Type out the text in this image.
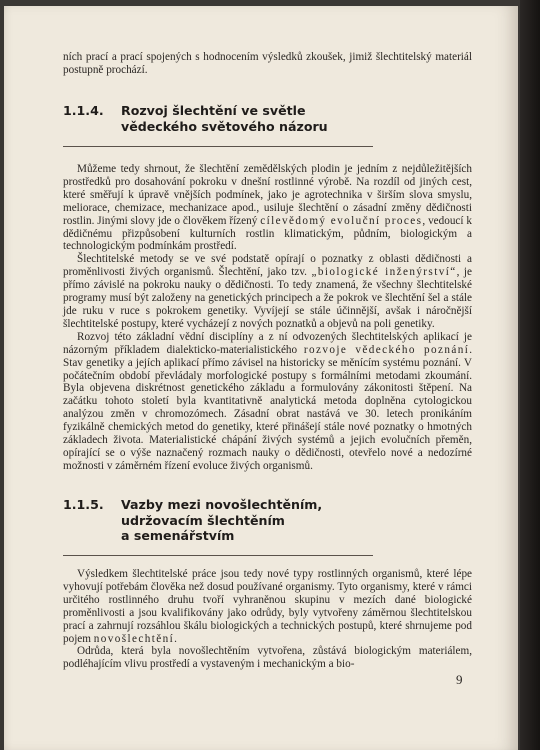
ních prací a prací spojených s hodnocením výsledků zkoušek, jimiž šlechtitelský materiál postupně prochází.

1.1.4.	Rozvoj šlechtění ve světle
vědeckého světového názoru

Můžeme tedy shrnout, že šlechtění zemědělských plodin je jedním z nejdůležitějších prostředků pro dosahování pokroku v dnešní rostlinné výrobě. Na rozdíl od jiných cest, které směřují k úpravě vnějších podmínek, jako je agrotechnika v širším slova smyslu, meliorace, chemizace, mechanizace apod., usiluje šlechtění o zásadní změny dědičnosti rostlin. Jinými slovy jde o člověkem řízený cílevědomý evoluční proces, vedoucí k dědičnému přizpůsobení kulturních rostlin klimatickým, půdním, biologickým a technologickým podmínkám prostředí.

Šlechtitelské metody se ve své podstatě opírají o poznatky z oblasti dědičnosti a proměnlivosti živých organismů. Šlechtění, jako tzv. „biologické inženýrství“, je přímo závislé na pokroku nauky o dědičnosti. To tedy znamená, že všechny šlechtitelské programy musí být založeny na genetických principech a že pokrok ve šlechtění šel a stále jde ruku v ruce s pokrokem genetiky. Vyvíjejí se stále účinnější, avšak i náročnější šlechtitelské postupy, které vycházejí z nových poznatků a objevů na poli genetiky.

Rozvoj této základní vědní disciplíny a z ní odvozených šlechtitelských aplikací je názorným příkladem dialekticko-materialistického rozvoje vědeckého poznání. Stav genetiky a jejích aplikací přímo závisel na historicky se měnícím systému poznání. V počátečním období převládaly morfologické postupy s formálními metodami zkoumání. Byla objevena diskrétnost genetického základu a formulovány zákonitosti štěpení. Na začátku tohoto století byla kvantitativně analytická metoda doplněna cytologickou analýzou změn v chromozómech. Zásadní obrat nastává ve 30. letech pronikáním fyzikálně chemických metod do genetiky, které přinášejí stále nové poznatky o hmotných základech života. Materialistické chápání živých systémů a jejich evolučních přeměn, opírající se o výše naznačený rozmach nauky o dědičnosti, otevřelo nové a nedozírné možnosti v záměrném řízení evoluce živých organismů.

1.1.5.	Vazby mezi novošlechtěním,
udržovacím šlechtěním
a semenářstvím

Výsledkem šlechtitelské práce jsou tedy nové typy rostlinných organismů, které lépe vyhovují potřebám člověka než dosud používané organismy. Tyto organismy, které v rámci určitého rostlinného druhu tvoří vyhraněnou skupinu v mezích dané biologické proměnlivosti a jsou kvalifikovány jako odrůdy, byly vytvořeny záměrnou šlechtitelskou prací a zahrnují rozsáhlou škálu biologických a technických postupů, které shrnujeme pod pojem novošlechtění.

Odrůda, která byla novošlechtěním vytvořena, zůstává biologickým materiálem, podléhajícím vlivu prostředí a vystaveným i mechanickým a bio-

9
